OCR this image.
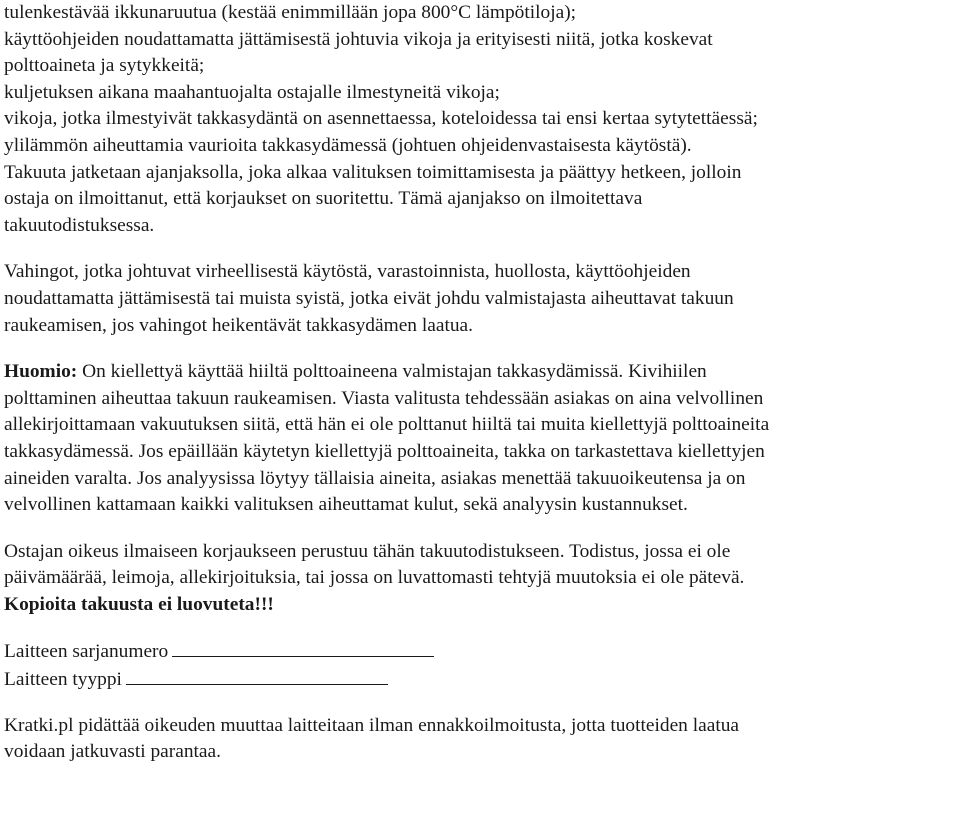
tulenkestävää ikkunaruutua (kestää enimmillään jopa 800°C lämpötiloja);
käyttöohjeiden noudattamatta jättämisestä johtuvia vikoja ja erityisesti niitä, jotka koskevat
polttoaineta ja sytykkeitä;
kuljetuksen aikana maahantuojalta ostajalle ilmestyneitä vikoja;
vikoja, jotka ilmestyivät takkasydäntä on asennettaessa, koteloidessa tai ensi kertaa sytytettäessä;
ylilämmön aiheuttamia vaurioita takkasydämessä (johtuen ohjeidenvastaisesta käytöstä).

Takuuta jatketaan ajanjaksolla, joka alkaa valituksen toimittamisesta ja päättyy hetkeen, jolloin
ostaja on ilmoittanut, että korjaukset on suoritettu. Tämä ajanjakso on ilmoitettava
takuutodistuksessa.

Vahingot, jotka johtuvat virheellisestä käytöstä, varastoinnista, huollosta, käyttöohjeiden
noudattamatta jättämisestä tai muista syistä, jotka eivät johdu valmistajasta aiheuttavat takuun
raukeamisen, jos vahingot heikentävät takkasydämen laatua.

Huomio: On kiellettyä käyttää hiiltä polttoaineena valmistajan takkasydämissä. Kivihiilen
polttaminen aiheuttaa takuun raukeamisen. Viasta valitusta tehdessään asiakas on aina velvollinen
allekirjoittamaan vakuutuksen siitä, että hän ei ole polttanut hiiltä tai muita kiellettyjä polttoaineita
takkasydämessä. Jos epäillään käytetyn kiellettyjä polttoaineita, takka on tarkastettava kiellettyjen
aineiden varalta. Jos analyysissa löytyy tällaisia aineita, asiakas menettää takuuoikeutensa ja on
velvollinen kattamaan kaikki valituksen aiheuttamat kulut, sekä analyysin kustannukset.

Ostajan oikeus ilmaiseen korjaukseen perustuu tähän takuutodistukseen. Todistus, jossa ei ole
päivämäärää, leimoja, allekirjoituksia, tai jossa on luvattomasti tehtyjä muutoksia ei ole pätevä.
Kopioita takuusta ei luovuteta!!!

Laitteen sarjanumero
Laitteen tyyppi

Kratki.pl pidättää oikeuden muuttaa laitteitaan ilman ennakkoilmoitusta, jotta tuotteiden laatua
voidaan jatkuvasti parantaa.
